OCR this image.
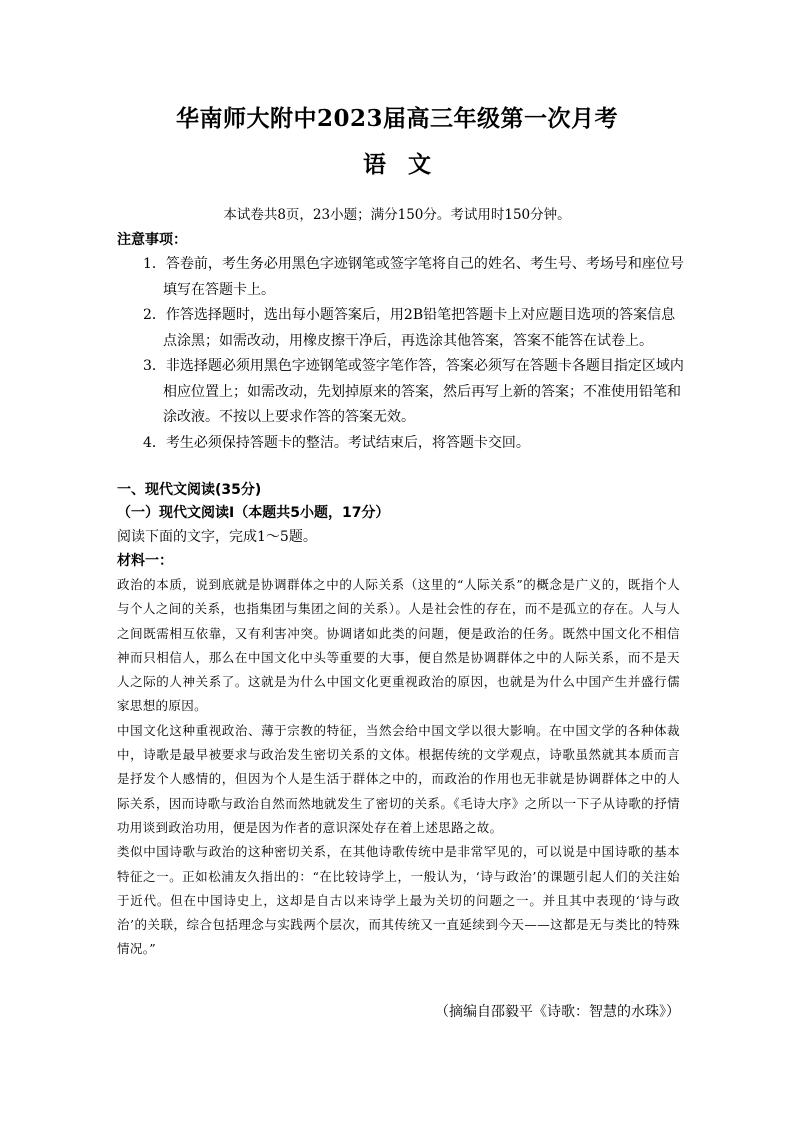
华南师大附中2023届高三年级第一次月考
语文
本试卷共8页，23小题；满分150分。考试用时150分钟。
注意事项：
1．答卷前，考生务必用黑色字迹钢笔或签字笔将自己的姓名、考生号、考场号和座位号填写在答题卡上。
2．作答选择题时，选出每小题答案后，用2B铅笔把答题卡上对应题目选项的答案信息点涂黑；如需改动，用橡皮擦干净后，再选涂其他答案，答案不能答在试卷上。
3．非选择题必须用黑色字迹钢笔或签字笔作答，答案必须写在答题卡各题目指定区域内相应位置上；如需改动，先划掉原来的答案，然后再写上新的答案；不准使用铅笔和涂改液。不按以上要求作答的答案无效。
4．考生必须保持答题卡的整洁。考试结束后，将答题卡交回。
一、现代文阅读(35分)
（一）现代文阅读Ⅰ（本题共5小题，17分）
阅读下面的文字，完成1～5题。
材料一：

政治的本质，说到底就是协调群体之中的人际关系（这里的“人际关系”的概念是广义的，既指个人与个人之间的关系，也指集团与集团之间的关系）。人是社会性的存在，而不是孤立的存在。人与人之间既需相互依靠，又有利害冲突。协调诸如此类的问题，便是政治的任务。既然中国文化不相信神而只相信人，那么在中国文化中头等重要的大事，便自然是协调群体之中的人际关系，而不是天人之际的人神关系了。这就是为什么中国文化更重视政治的原因，也就是为什么中国产生并盛行儒家思想的原因。

中国文化这种重视政治、薄于宗教的特征，当然会给中国文学以很大影响。在中国文学的各种体裁中，诗歌是最早被要求与政治发生密切关系的文体。根据传统的文学观点，诗歌虽然就其本质而言是抒发个人感情的，但因为个人是生活于群体之中的，而政治的作用也无非就是协调群体之中的人际关系，因而诗歌与政治自然而然地就发生了密切的关系。《毛诗大序》之所以一下子从诗歌的抒情功用谈到政治功用，便是因为作者的意识深处存在着上述思路之故。

类似中国诗歌与政治的这种密切关系，在其他诗歌传统中是非常罕见的，可以说是中国诗歌的基本特征之一。正如松浦友久指出的：“在比较诗学上，一般认为，‘诗与政治’的课题引起人们的关注始于近代。但在中国诗史上，这却是自古以来诗学上最为关切的问题之一。并且其中表现的‘诗与政治’的关联，综合包括理念与实践两个层次，而其传统又一直延续到今天——这都是无与类比的特殊情况。”

（摘编自邵毅平《诗歌：智慧的水珠》）
